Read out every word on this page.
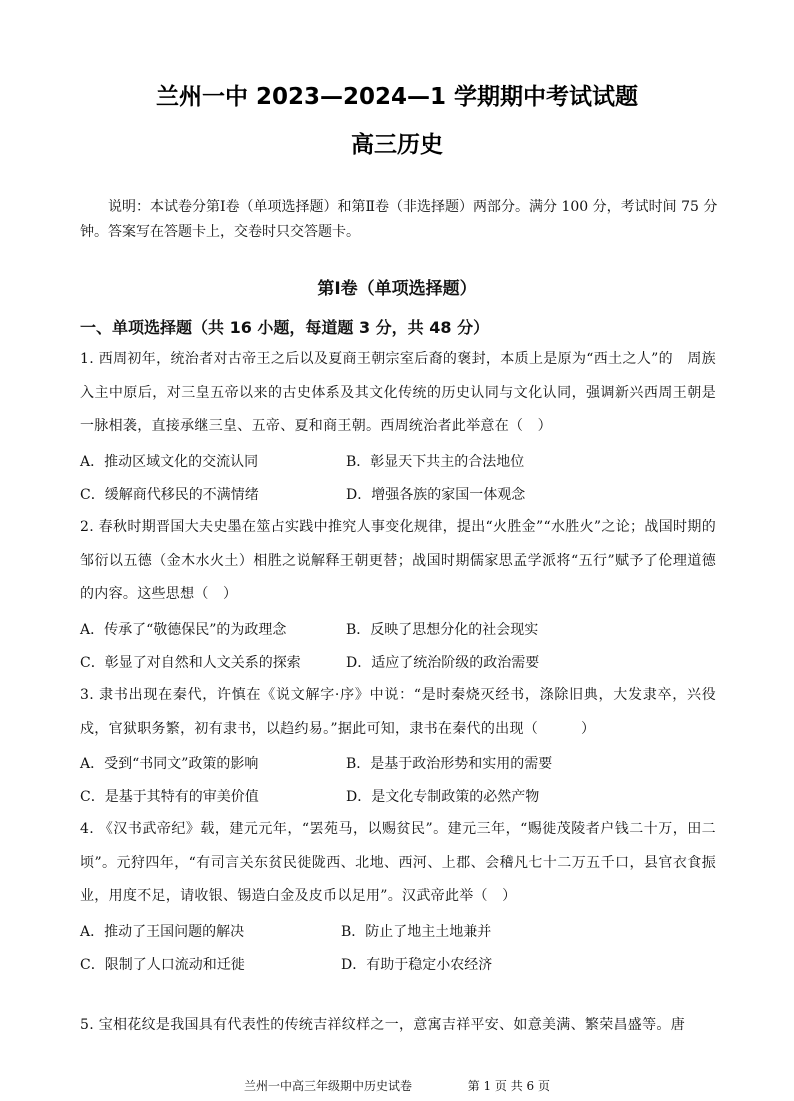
兰州一中 2023—2024—1 学期期中考试试题
高三历史
说明：本试卷分第Ⅰ卷（单项选择题）和第Ⅱ卷（非选择题）两部分。满分 100 分，考试时间 75 分钟。答案写在答题卡上，交卷时只交答题卡。
第Ⅰ卷（单项选择题）
一、单项选择题（共 16 小题，每道题 3 分，共 48 分）
1. 西周初年，统治者对古帝王之后以及夏商王朝宗室后裔的褒封，本质上是原为“西土之人”的　周族入主中原后，对三皇五帝以来的古史体系及其文化传统的历史认同与文化认同，强调新兴西周王朝是一脉相袭，直接承继三皇、五帝、夏和商王朝。西周统治者此举意在（　）
A．推动区域文化的交流认同	B．彰显天下共主的合法地位
C．缓解商代移民的不满情绪	D．增强各族的家国一体观念
2. 春秋时期晋国大夫史墨在筮占实践中推究人事变化规律，提出“火胜金”“水胜火”之论；战国时期的邹衍以五德（金木水火土）相胜之说解释王朝更替；战国时期儒家思孟学派将“五行”赋予了伦理道德的内容。这些思想（　）
A．传承了“敬德保民”的为政理念	B．反映了思想分化的社会现实
C．彰显了对自然和人文关系的探索	D．适应了统治阶级的政治需要
3. 隶书出现在秦代，许慎在《说文解字·序》中说：“是时秦烧灭经书，涤除旧典，大发隶卒，兴役戍，官狱职务繁，初有隶书，以趋约易。”据此可知，隶书在秦代的出现（　　　）
A．受到“书同文”政策的影响	B．是基于政治形势和实用的需要
C．是基于其特有的审美价值	D．是文化专制政策的必然产物
4. 《汉书武帝纪》载，建元元年，“罢苑马，以赐贫民”。建元三年，“赐徙茂陵者户钱二十万，田二顷”。元狩四年，“有司言关东贫民徙陇西、北地、西河、上郡、会稽凡七十二万五千口，县官衣食振业，用度不足，请收银、锡造白金及皮币以足用”。汉武帝此举（　）
A．推动了王国问题的解决	B．防止了地主土地兼并
C．限制了人口流动和迁徙	D．有助于稳定小农经济
5. 宝相花纹是我国具有代表性的传统吉祥纹样之一，意寓吉祥平安、如意美满、繁荣昌盛等。唐
兰州一中高三年级期中历史试卷	第 1 页 共 6 页
